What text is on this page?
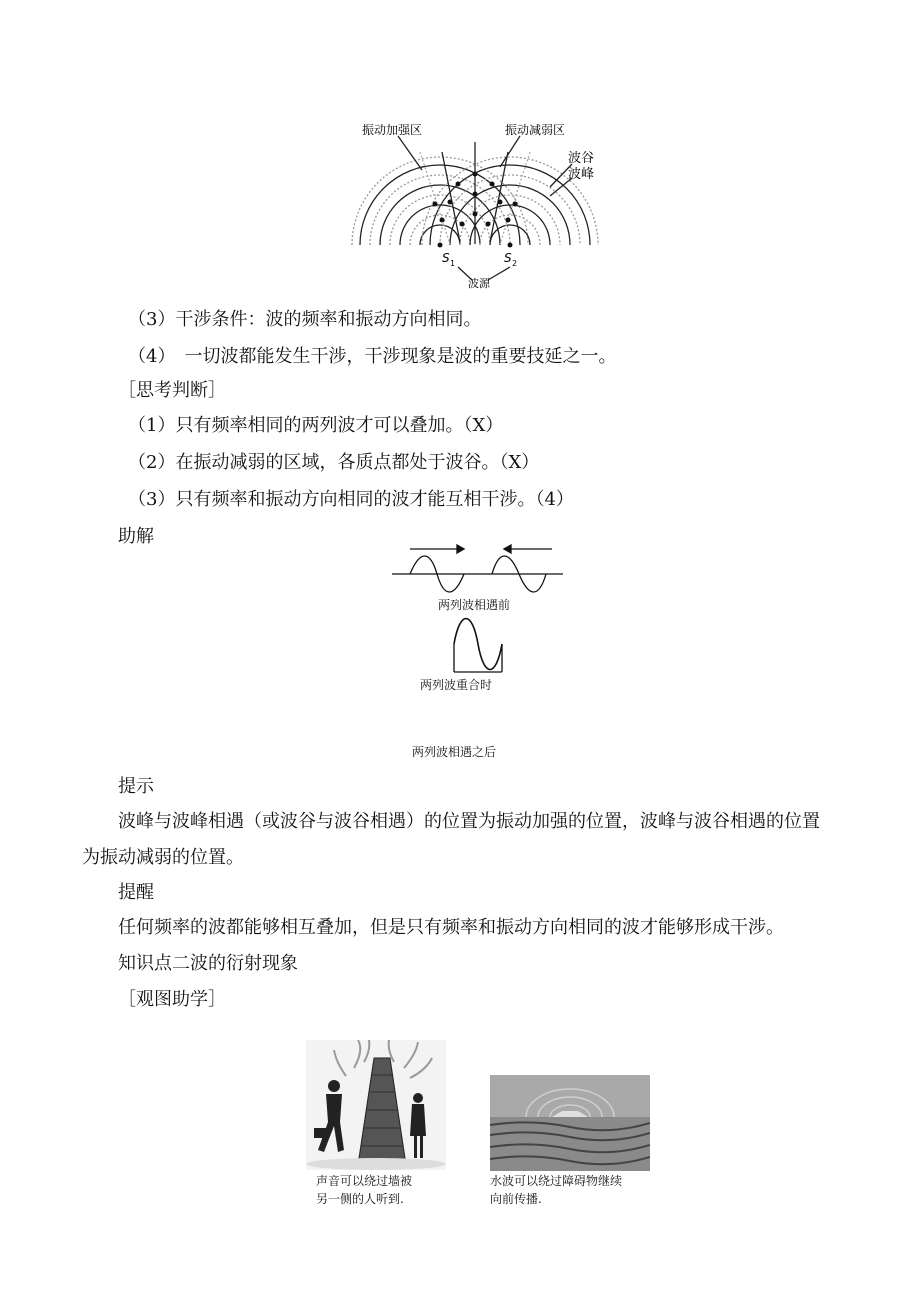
振动加强区	振动减弱区
波谷
波峰
S 1	S 2
波源
（3）干涉条件：波的频率和振动方向相同。
（4）　一切波都能发生干涉，干涉现象是波的重要技延之一。
［思考判断］
（1）只有频率相同的两列波才可以叠加。（X）
（2）在振动减弱的区域，各质点都处于波谷。（X）
（3）只有频率和振动方向相同的波才能互相干涉。（4）
助解
两列波相遇前
两列波重合时
两列波相遇之后
提示
波峰与波峰相遇（或波谷与波谷相遇）的位置为振动加强的位置，波峰与波谷相遇的位置
为振动减弱的位置。
提醒
任何频率的波都能够相互叠加，但是只有频率和振动方向相同的波才能够形成干涉。
知识点二波的衍射现象
［观图助学］
声音可以绕过墙被
另一侧的人听到.
水波可以绕过障碍物继续
向前传播.
